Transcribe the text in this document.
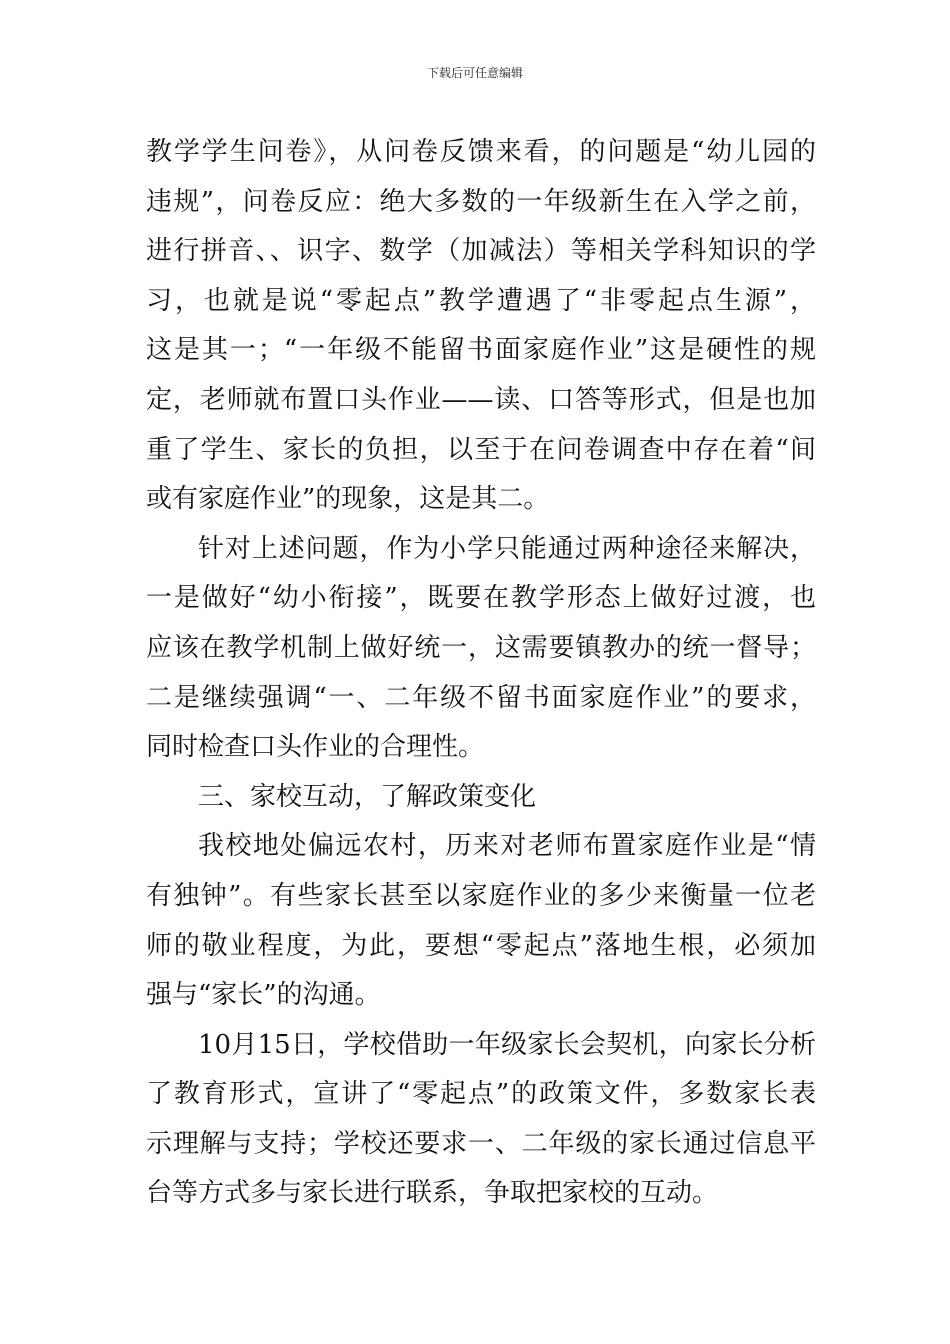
下载后可任意编辑
教学学生问卷》，从问卷反馈来看，的问题是“幼儿园的
违规”，问卷反应：绝大多数的一年级新生在入学之前，
进行拼音、、识字、数学（加减法）等相关学科知识的学
习，也就是说“零起点”教学遭遇了“非零起点生源”，
这是其一；“一年级不能留书面家庭作业”这是硬性的规
定，老师就布置口头作业——读、口答等形式，但是也加
重了学生、家长的负担，以至于在问卷调查中存在着“间
或有家庭作业”的现象，这是其二。
针对上述问题，作为小学只能通过两种途径来解决，
一是做好“幼小衔接”，既要在教学形态上做好过渡，也
应该在教学机制上做好统一，这需要镇教办的统一督导；
二是继续强调“一、二年级不留书面家庭作业”的要求，
同时检查口头作业的合理性。
三、家校互动，了解政策变化
我校地处偏远农村，历来对老师布置家庭作业是“情
有独钟”。有些家长甚至以家庭作业的多少来衡量一位老
师的敬业程度，为此，要想“零起点”落地生根，必须加
强与“家长”的沟通。
10月15日，学校借助一年级家长会契机，向家长分析
了教育形式，宣讲了“零起点”的政策文件，多数家长表
示理解与支持；学校还要求一、二年级的家长通过信息平
台等方式多与家长进行联系，争取把家校的互动。
